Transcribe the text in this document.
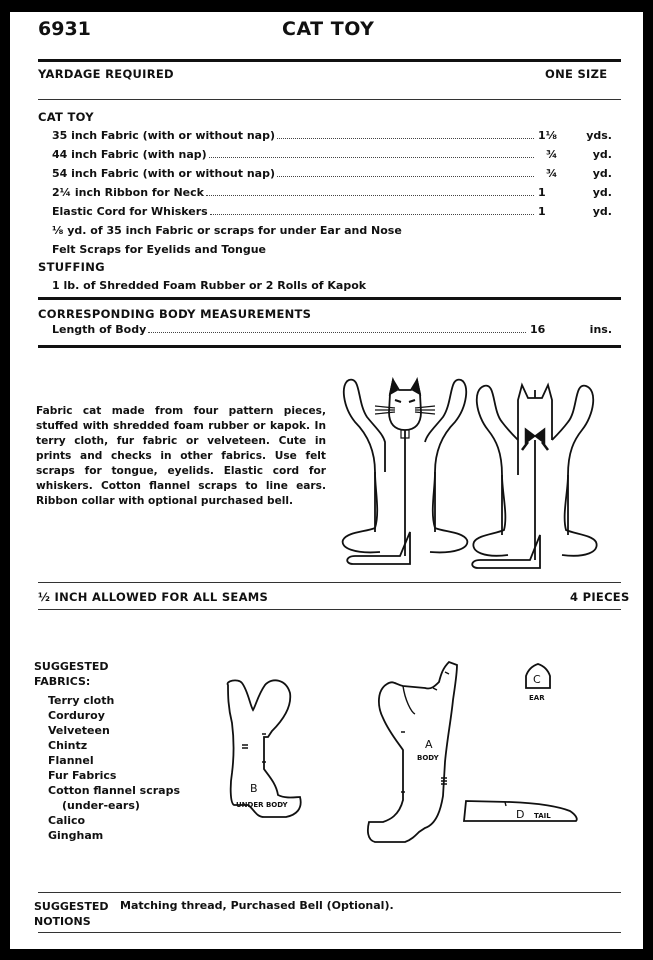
6931	CAT TOY
YARDAGE REQUIRED	ONE SIZE
CAT TOY
35 inch Fabric (with or without nap)	1⅛	yds.
44 inch Fabric (with nap)	¾	yd.
54 inch Fabric (with or without nap)	¾	yd.
2¼ inch Ribbon for Neck	1	yd.
Elastic Cord for Whiskers	1	yd.
⅛ yd. of 35 inch Fabric or scraps for under Ear and Nose
Felt Scraps for Eyelids and Tongue
STUFFING
1 lb. of Shredded Foam Rubber or 2 Rolls of Kapok
CORRESPONDING BODY MEASUREMENTS
Length of Body	16	ins.
Fabric cat made from four pattern pieces, stuffed with shredded foam rubber or kapok. In terry cloth, fur fabric or velveteen. Cute in prints and checks in other fabrics. Use felt scraps for tongue, eyelids. Elastic cord for whiskers. Cotton flannel scraps to line ears. Ribbon collar with optional purchased bell.
½ INCH ALLOWED FOR ALL SEAMS	4 PIECES
SUGGESTED
FABRICS:
Terry cloth
Corduroy
Velveteen
Chintz
Flannel
Fur Fabrics
Cotton flannel scraps
(under-ears)
Calico
Gingham
B
UNDER BODY
A
BODY
C
EAR
D TAIL
SUGGESTED
NOTIONS
Matching thread, Purchased Bell (Optional).
